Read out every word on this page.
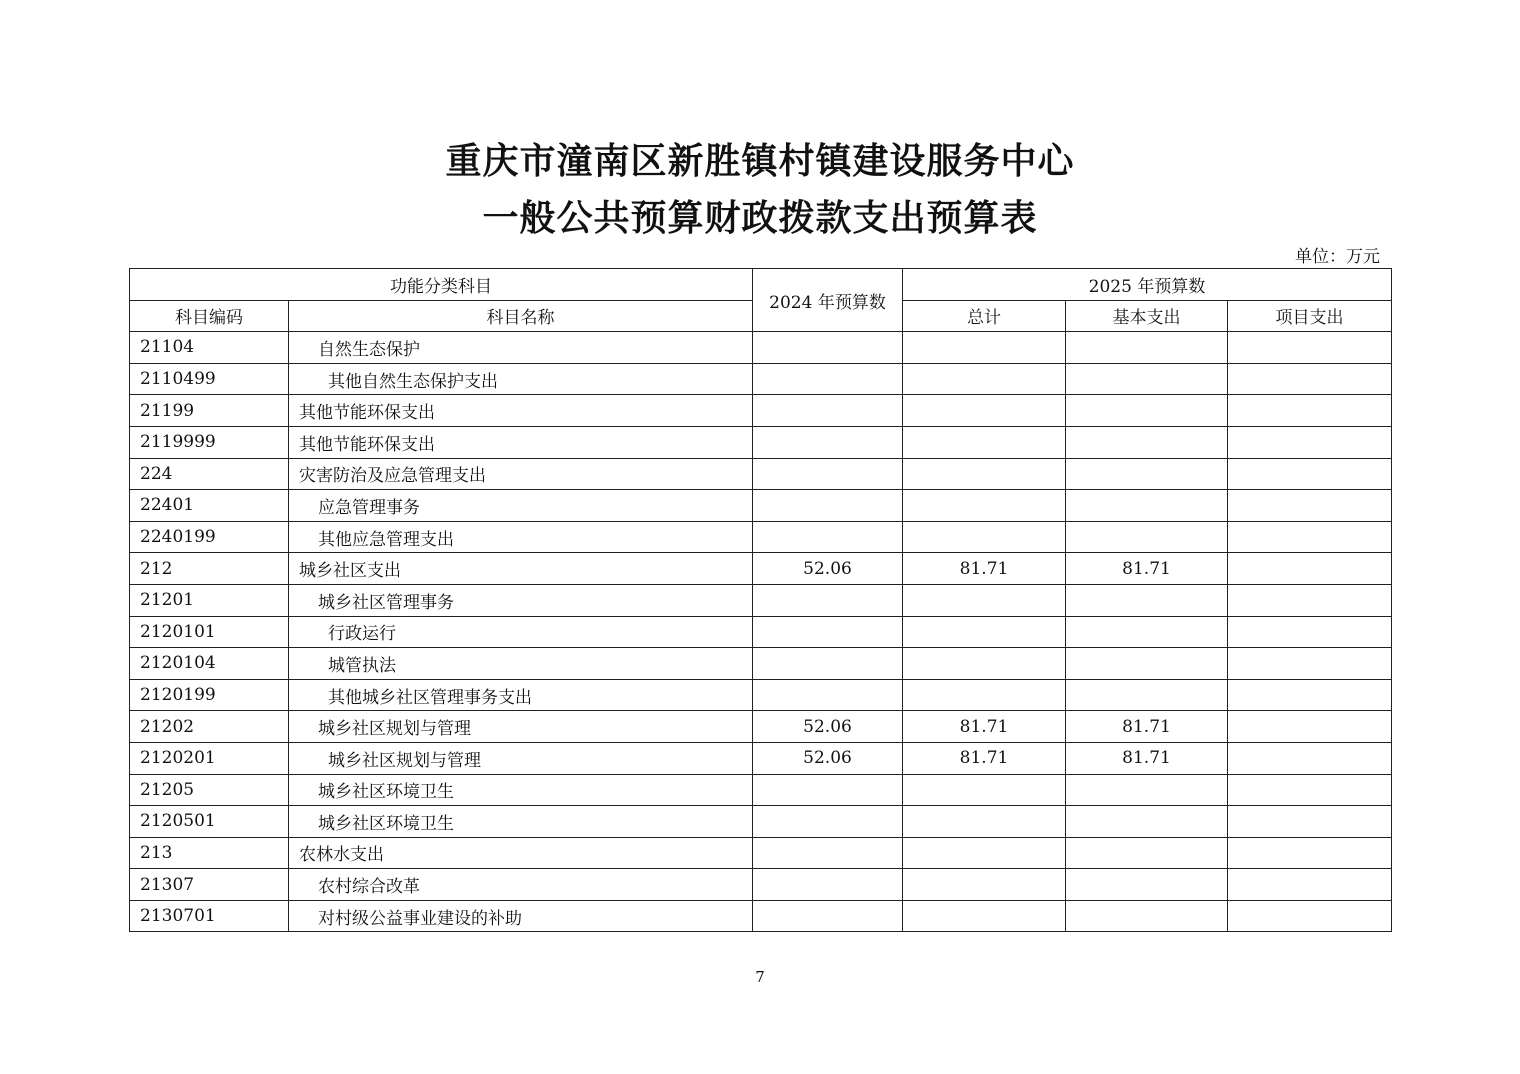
重庆市潼南区新胜镇村镇建设服务中心
一般公共预算财政拨款支出预算表
单位：万元
功能分类科目		2024 年预算数	2025 年预算数		
科目编码	科目名称		总计	基本支出	项目支出
21104	自然生态保护				
2110499	其他自然生态保护支出				
21199	其他节能环保支出				
2119999	其他节能环保支出				
224	灾害防治及应急管理支出				
22401	应急管理事务				
2240199	其他应急管理支出				
212	城乡社区支出	52.06	81.71	81.71	
21201	城乡社区管理事务				
2120101	行政运行				
2120104	城管执法				
2120199	其他城乡社区管理事务支出				
21202	城乡社区规划与管理	52.06	81.71	81.71	
2120201	城乡社区规划与管理	52.06	81.71	81.71	
21205	城乡社区环境卫生				
2120501	城乡社区环境卫生				
213	农林水支出				
21307	农村综合改革				
2130701	对村级公益事业建设的补助				
7
